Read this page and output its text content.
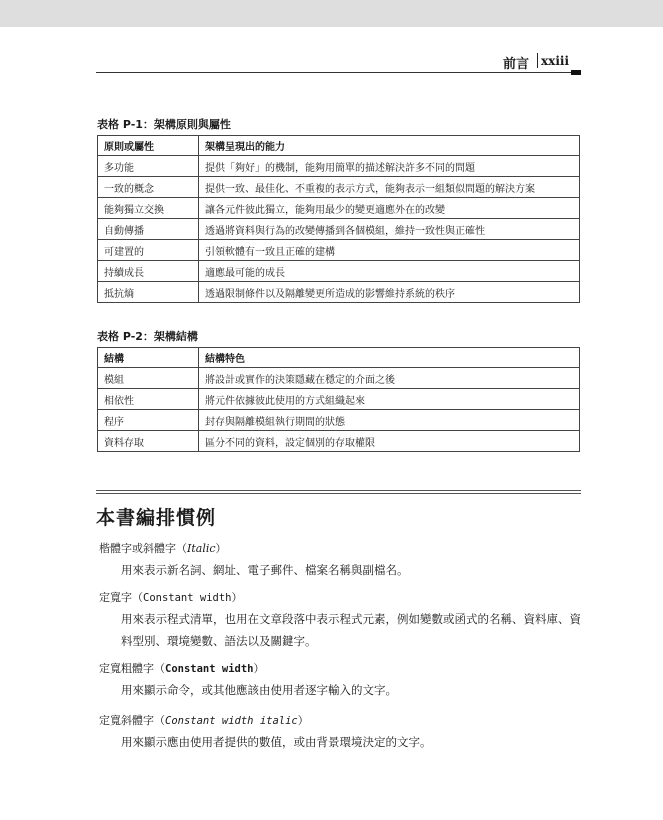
前言 xxiii
表格 P-1：架構原則與屬性
原則或屬性	架構呈現出的能力
多功能	提供「夠好」的機制，能夠用簡單的描述解決許多不同的問題
一致的概念	提供一致、最佳化、不重複的表示方式，能夠表示一組類似問題的解決方案
能夠獨立交換	讓各元件彼此獨立，能夠用最少的變更適應外在的改變
自動傳播	透過將資料與行為的改變傳播到各個模組，維持一致性與正確性
可建置的	引領軟體有一致且正確的建構
持續成長	適應最可能的成長
抵抗熵	透過限制條件以及隔離變更所造成的影響維持系統的秩序
表格 P-2：架構結構
結構	結構特色
模組	將設計或實作的決策隱藏在穩定的介面之後
相依性	將元件依據彼此使用的方式組織起來
程序	封存與隔離模組執行期間的狀態
資料存取	區分不同的資料，設定個別的存取權限
本書編排慣例
楷體字或斜體字（Italic）
用來表示新名詞、網址、電子郵件、檔案名稱與副檔名。
定寬字（Constant width）
用來表示程式清單，也用在文章段落中表示程式元素，例如變數或函式的名稱、資料庫、資料型別、環境變數、語法以及關鍵字。
定寬粗體字（Constant width）
用來顯示命令，或其他應該由使用者逐字輸入的文字。
定寬斜體字（Constant width italic）
用來顯示應由使用者提供的數值，或由背景環境決定的文字。
